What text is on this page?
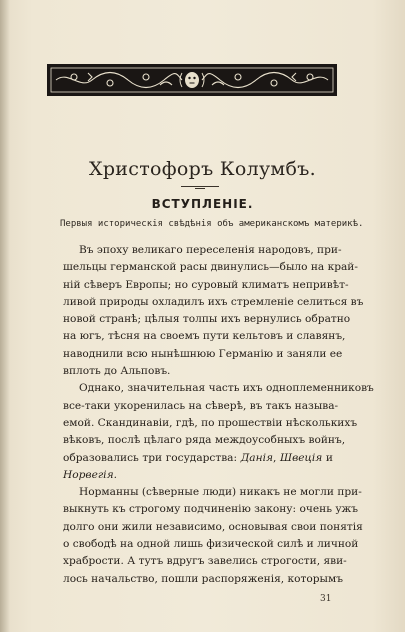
Христофоръ Колумбъ.
ВСТУПЛЕНІЕ.
Первыя историческія свѣдѣнія объ американскомъ материкѣ.
Въ эпоху великаго переселенія народовъ, при-
шельцы германской расы двинулись—было на край-
ній сѣверъ Европы; но суровый климатъ непривѣт-
ливой природы охладилъ ихъ стремленіе селиться въ
новой странѣ; цѣлыя толпы ихъ вернулись обратно
на югъ, тѣсня на своемъ пути кельтовъ и славянъ,
наводнили всю нынѣшнюю Германію и заняли ее
вплоть до Альповъ.
Однако, значительная часть ихъ одноплеменниковъ
все-таки укоренилась на сѣверѣ, въ такъ называ-
емой. Скандинавіи, гдѣ, по прошествіи нѣсколькихъ
вѣковъ, послѣ цѣлаго ряда междоусобныхъ войнъ,
образовались три государства: Данія, Швеція и
Норвегія.
Норманны (сѣверные люди) никакъ не могли при-
выкнуть къ строгому подчиненію закону: очень ужъ
долго они жили независимо, основывая свои понятія
о свободѣ на одной лишь физической силѣ и личной
храбрости. А тутъ вдругъ завелись строгости, яви-
лось начальство, пошли распоряженія, которымъ
31
